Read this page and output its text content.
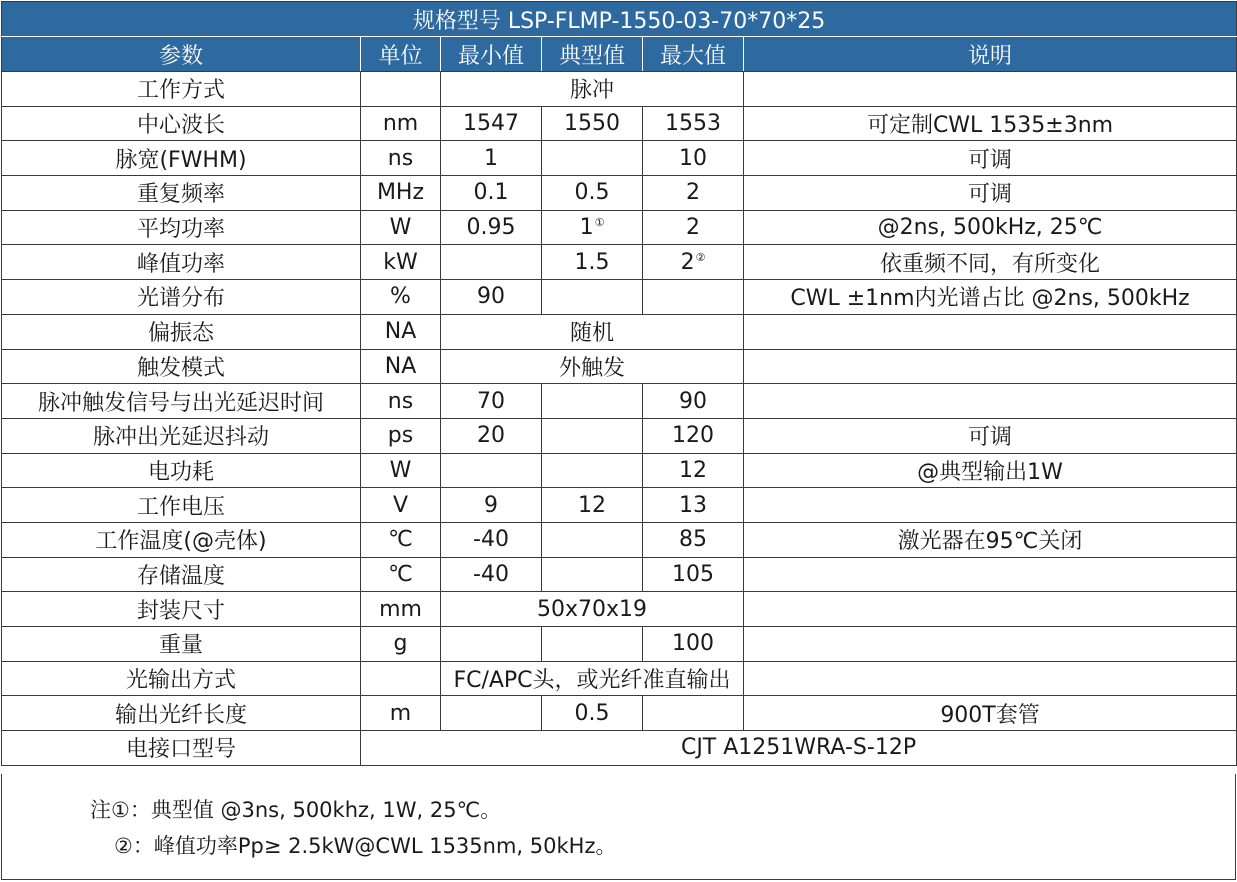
规格型号 LSP-FLMP-1550-03-70*70*25					
参数	单位	最小值	典型值	最大值	说明
工作方式		脉冲			
中心波长	nm	1547	1550	1553	可定制CWL 1535±3nm
脉宽(FWHM)	ns	1		10	可调
重复频率	MHz	0.1	0.5	2	可调
平均功率	W	0.95	1①	2	@2ns, 500kHz, 25℃
峰值功率	kW		1.5	2②	依重频不同，有所变化
光谱分布	%	90			CWL ±1nm内光谱占比 @2ns, 500kHz
偏振态	NA	随机			
触发模式	NA	外触发			
脉冲触发信号与出光延迟时间	ns	70		90	
脉冲出光延迟抖动	ps	20		120	可调
电功耗	W			12	@典型输出1W
工作电压	V	9	12	13	
工作温度(@壳体)	℃	-40		85	激光器在95℃关闭
存储温度	℃	-40		105	
封装尺寸	mm	50x70x19			
重量	g			100	
光输出方式		FC/APC头，或光纤准直输出			
输出光纤长度	m		0.5		900T套管
电接口型号	CJT A1251WRA-S-12P				
注①：典型值 @3ns, 500khz, 1W, 25℃。
②：峰值功率Pp≥ 2.5kW@CWL 1535nm, 50kHz。
